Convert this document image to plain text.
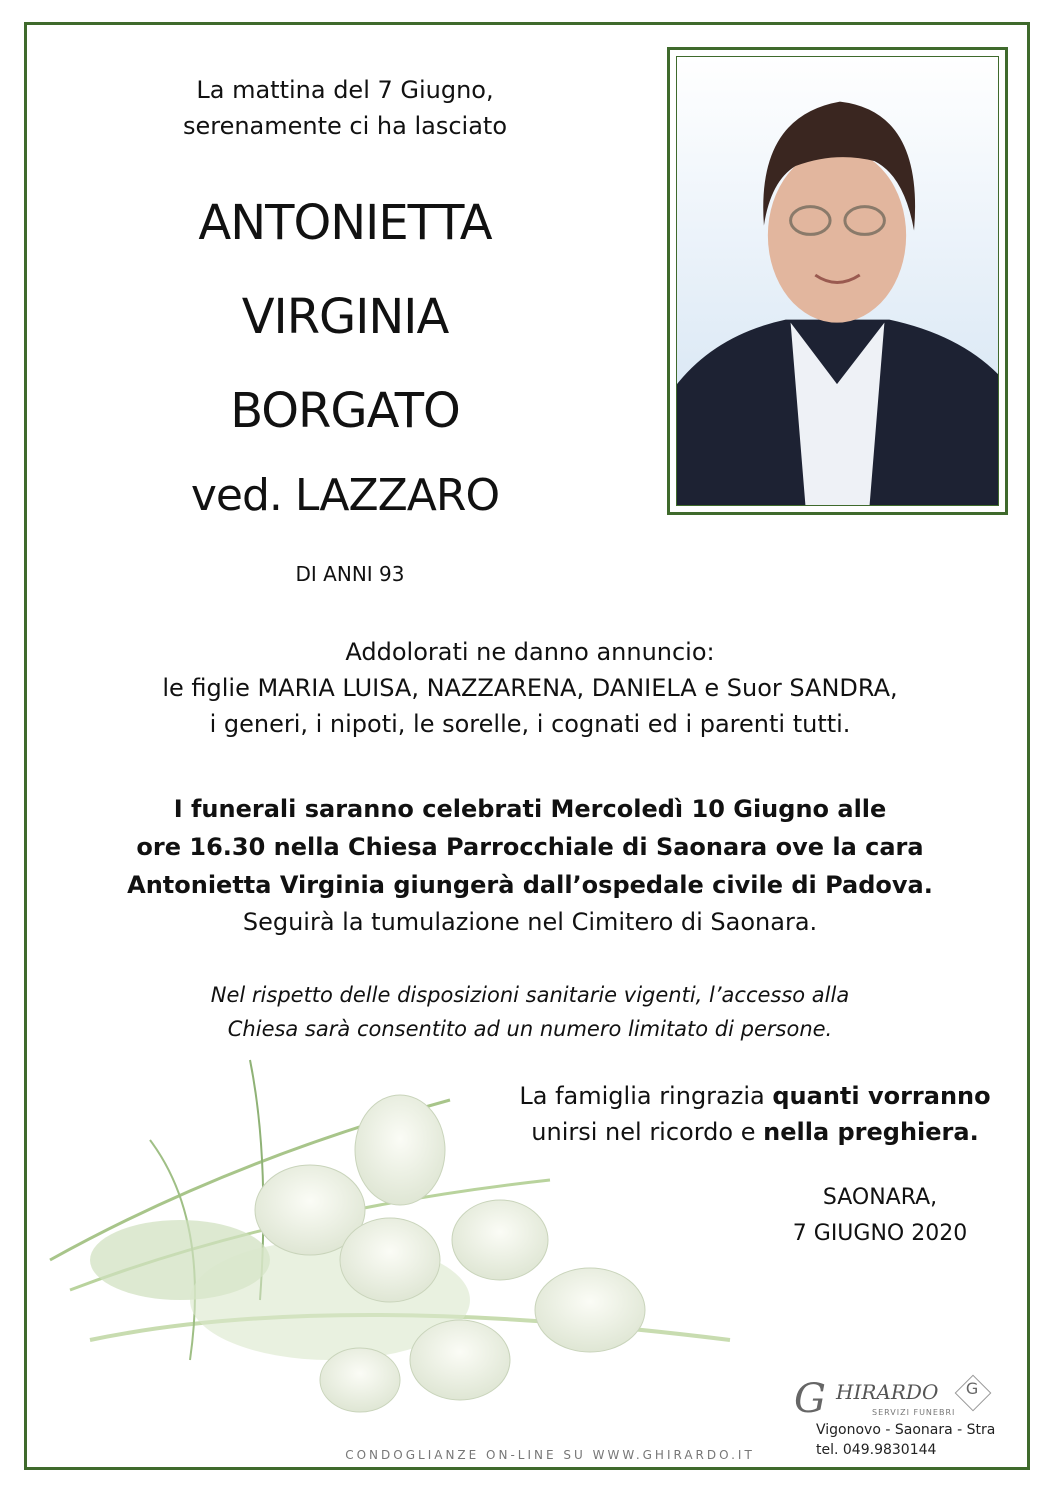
La mattina del 7 Giugno,
serenamente ci ha lasciato
ANTONIETTA
VIRGINIA
BORGATO
ved. LAZZARO
DI ANNI 93
Addolorati ne danno annuncio:
le figlie MARIA LUISA, NAZZARENA, DANIELA e Suor SANDRA,
i generi, i nipoti, le sorelle, i cognati ed i parenti tutti.
I funerali saranno celebrati Mercoledì 10 Giugno alle
ore 16.30 nella Chiesa Parrocchiale di Saonara ove la cara
Antonietta Virginia giungerà dall’ospedale civile di Padova.
Seguirà la tumulazione nel Cimitero di Saonara.
Nel rispetto delle disposizioni sanitarie vigenti, l’accesso alla
Chiesa sarà consentito ad un numero limitato di persone.
La famiglia ringrazia quanti vorranno
unirsi nel ricordo e nella preghiera.
SAONARA,
7 GIUGNO 2020
G HIRARDO
SERVIZI FUNEBRI
G
Vigonovo - Saonara - Stra
tel. 049.9830144
CONDOGLIANZE ON-LINE SU WWW.GHIRARDO.IT
